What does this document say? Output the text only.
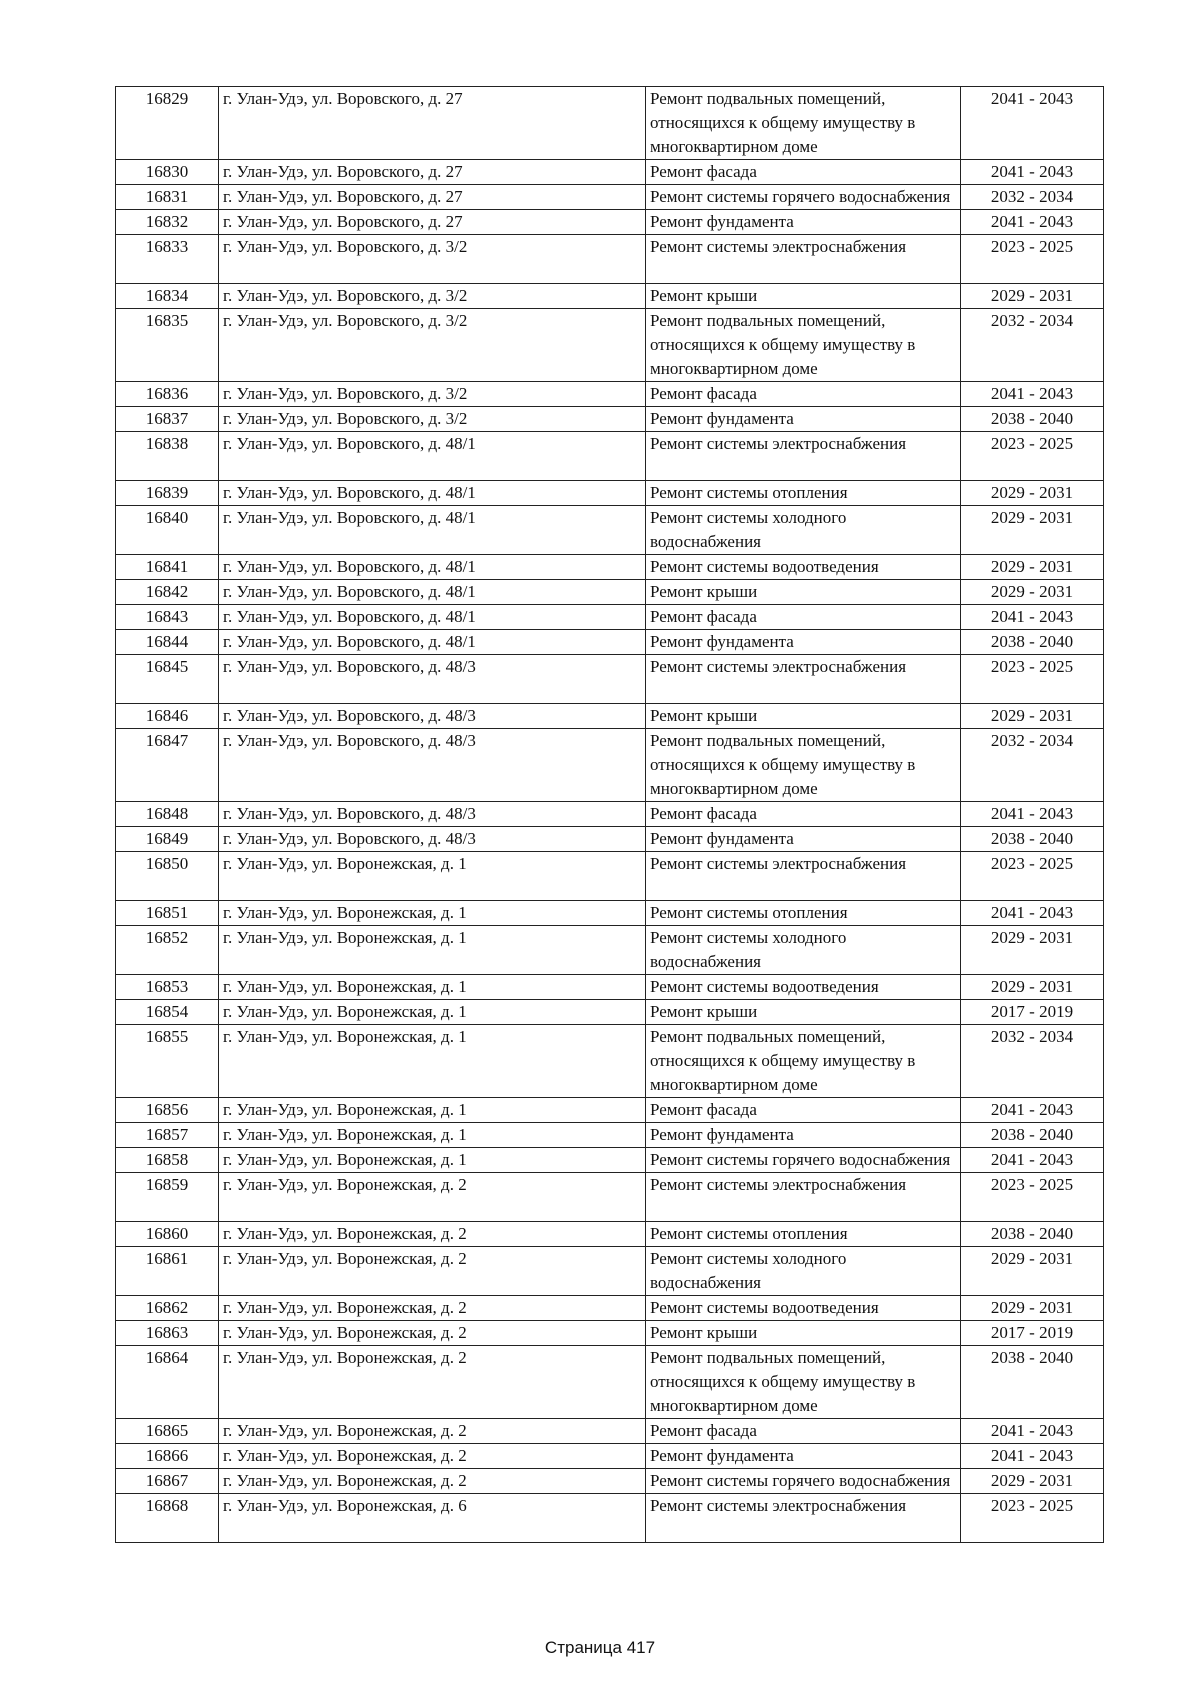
16829	г. Улан-Удэ, ул. Воровского, д. 27	Ремонт подвальных помещений, относящихся к общему имуществу в многоквартирном доме	2041 - 2043
16830	г. Улан-Удэ, ул. Воровского, д. 27	Ремонт фасада	2041 - 2043
16831	г. Улан-Удэ, ул. Воровского, д. 27	Ремонт системы горячего водоснабжения	2032 - 2034
16832	г. Улан-Удэ, ул. Воровского, д. 27	Ремонт фундамента	2041 - 2043
16833	г. Улан-Удэ, ул. Воровского, д. 3/2	Ремонт системы электроснабжения	2023 - 2025
16834	г. Улан-Удэ, ул. Воровского, д. 3/2	Ремонт крыши	2029 - 2031
16835	г. Улан-Удэ, ул. Воровского, д. 3/2	Ремонт подвальных помещений, относящихся к общему имуществу в многоквартирном доме	2032 - 2034
16836	г. Улан-Удэ, ул. Воровского, д. 3/2	Ремонт фасада	2041 - 2043
16837	г. Улан-Удэ, ул. Воровского, д. 3/2	Ремонт фундамента	2038 - 2040
16838	г. Улан-Удэ, ул. Воровского, д. 48/1	Ремонт системы электроснабжения	2023 - 2025
16839	г. Улан-Удэ, ул. Воровского, д. 48/1	Ремонт системы отопления	2029 - 2031
16840	г. Улан-Удэ, ул. Воровского, д. 48/1	Ремонт системы холодного водоснабжения	2029 - 2031
16841	г. Улан-Удэ, ул. Воровского, д. 48/1	Ремонт системы водоотведения	2029 - 2031
16842	г. Улан-Удэ, ул. Воровского, д. 48/1	Ремонт крыши	2029 - 2031
16843	г. Улан-Удэ, ул. Воровского, д. 48/1	Ремонт фасада	2041 - 2043
16844	г. Улан-Удэ, ул. Воровского, д. 48/1	Ремонт фундамента	2038 - 2040
16845	г. Улан-Удэ, ул. Воровского, д. 48/3	Ремонт системы электроснабжения	2023 - 2025
16846	г. Улан-Удэ, ул. Воровского, д. 48/3	Ремонт крыши	2029 - 2031
16847	г. Улан-Удэ, ул. Воровского, д. 48/3	Ремонт подвальных помещений, относящихся к общему имуществу в многоквартирном доме	2032 - 2034
16848	г. Улан-Удэ, ул. Воровского, д. 48/3	Ремонт фасада	2041 - 2043
16849	г. Улан-Удэ, ул. Воровского, д. 48/3	Ремонт фундамента	2038 - 2040
16850	г. Улан-Удэ, ул. Воронежская, д. 1	Ремонт системы электроснабжения	2023 - 2025
16851	г. Улан-Удэ, ул. Воронежская, д. 1	Ремонт системы отопления	2041 - 2043
16852	г. Улан-Удэ, ул. Воронежская, д. 1	Ремонт системы холодного водоснабжения	2029 - 2031
16853	г. Улан-Удэ, ул. Воронежская, д. 1	Ремонт системы водоотведения	2029 - 2031
16854	г. Улан-Удэ, ул. Воронежская, д. 1	Ремонт крыши	2017 - 2019
16855	г. Улан-Удэ, ул. Воронежская, д. 1	Ремонт подвальных помещений, относящихся к общему имуществу в многоквартирном доме	2032 - 2034
16856	г. Улан-Удэ, ул. Воронежская, д. 1	Ремонт фасада	2041 - 2043
16857	г. Улан-Удэ, ул. Воронежская, д. 1	Ремонт фундамента	2038 - 2040
16858	г. Улан-Удэ, ул. Воронежская, д. 1	Ремонт системы горячего водоснабжения	2041 - 2043
16859	г. Улан-Удэ, ул. Воронежская, д. 2	Ремонт системы электроснабжения	2023 - 2025
16860	г. Улан-Удэ, ул. Воронежская, д. 2	Ремонт системы отопления	2038 - 2040
16861	г. Улан-Удэ, ул. Воронежская, д. 2	Ремонт системы холодного водоснабжения	2029 - 2031
16862	г. Улан-Удэ, ул. Воронежская, д. 2	Ремонт системы водоотведения	2029 - 2031
16863	г. Улан-Удэ, ул. Воронежская, д. 2	Ремонт крыши	2017 - 2019
16864	г. Улан-Удэ, ул. Воронежская, д. 2	Ремонт подвальных помещений, относящихся к общему имуществу в многоквартирном доме	2038 - 2040
16865	г. Улан-Удэ, ул. Воронежская, д. 2	Ремонт фасада	2041 - 2043
16866	г. Улан-Удэ, ул. Воронежская, д. 2	Ремонт фундамента	2041 - 2043
16867	г. Улан-Удэ, ул. Воронежская, д. 2	Ремонт системы горячего водоснабжения	2029 - 2031
16868	г. Улан-Удэ, ул. Воронежская, д. 6	Ремонт системы электроснабжения	2023 - 2025
Страница 417
